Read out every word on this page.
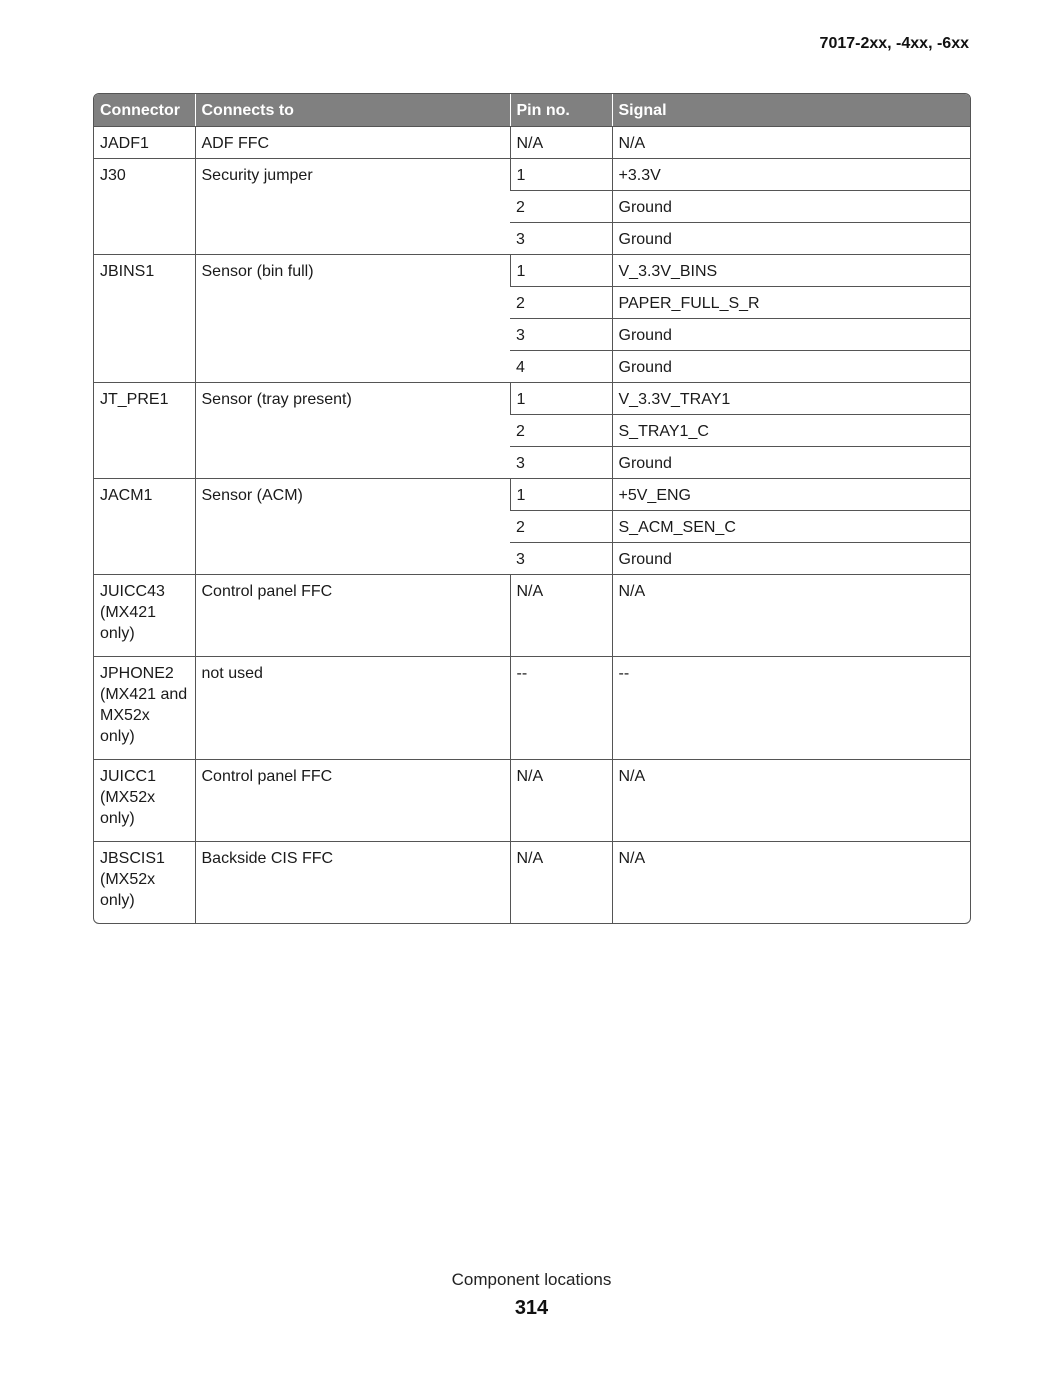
7017-2xx, -4xx, -6xx
Connector	Connects to	Pin no.	Signal
JADF1	ADF FFC	N/A	N/A
J30	Security jumper	1	+3.3V
		2	Ground
		3	Ground
JBINS1	Sensor (bin full)	1	V_3.3V_BINS
		2	PAPER_FULL_S_R
		3	Ground
		4	Ground
JT_PRE1	Sensor (tray present)	1	V_3.3V_TRAY1
		2	S_TRAY1_C
		3	Ground
JACM1	Sensor (ACM)	1	+5V_ENG
		2	S_ACM_SEN_C
		3	Ground
JUICC43 (MX421 only)	Control panel FFC	N/A	N/A
JPHONE2 (MX421 and MX52x only)	not used	--	--
JUICC1 (MX52x only)	Control panel FFC	N/A	N/A
JBSCIS1 (MX52x only)	Backside CIS FFC	N/A	N/A
Component locations
314
